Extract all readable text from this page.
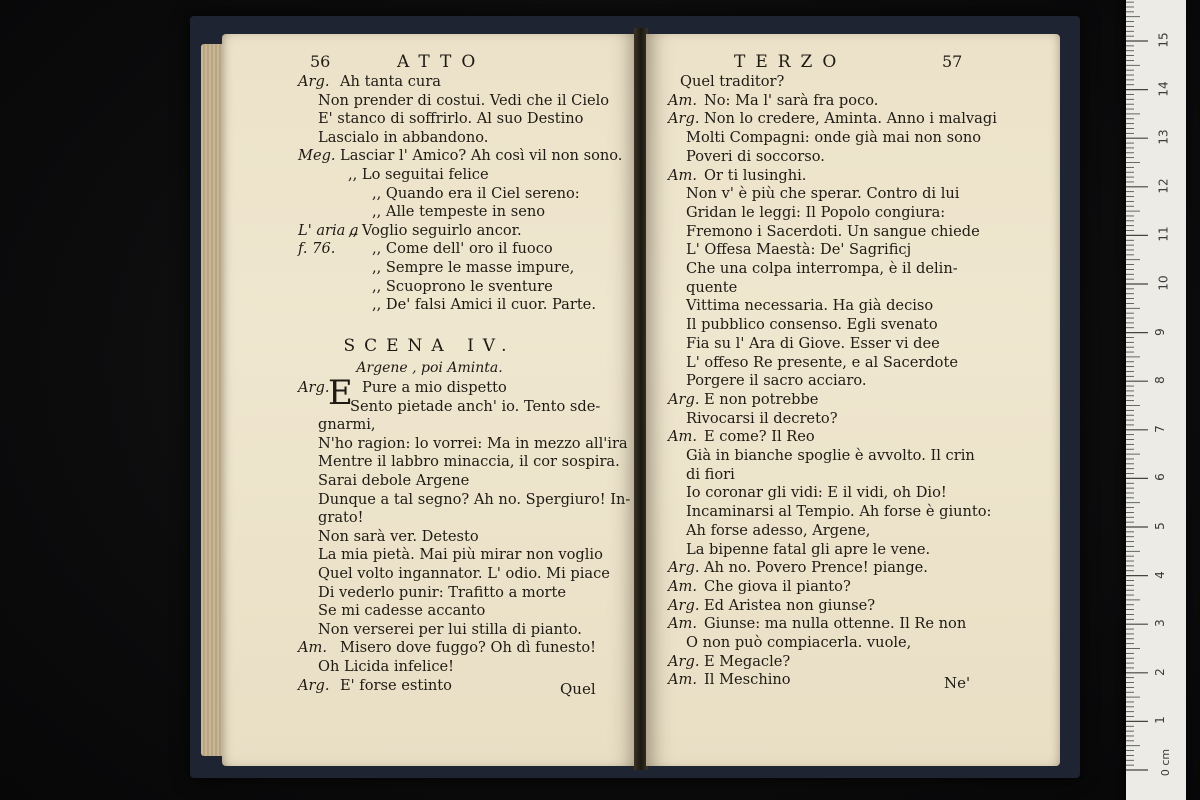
56	ATTO
Arg. Ah tanta cura
Non prender di costui. Vedi che il Cielo
E' stanco di soffrirlo. Al suo Destino
Lascialo in abbandono.
Meg. Lasciar l' Amico? Ah così vil non sono.
,, Lo seguitai felice
,, Quando era il Ciel sereno:
,, Alle tempeste in seno
L' aria a
,, Voglio seguirlo ancor.
f. 76.	,, Come dell' oro il fuoco
,, Sempre le masse impure,
,, Scuoprono le sventure
,, De' falsi Amici il cuor. Parte.
SCENA IV.
Argene , poi Aminta.
Arg. Pure a mio dispetto
Sento pietade anch' io. Tento sde-
gnarmi,
N'ho ragion: lo vorrei: Ma in mezzo all'ira
Mentre il labbro minaccia, il cor sospira.
Sarai debole Argene
Dunque a tal segno? Ah no. Spergiuro! In-
grato!
Non sarà ver. Detesto
La mia pietà. Mai più mirar non voglio
Quel volto ingannator. L' odio. Mi piace
Di vederlo punir: Trafitto a morte
Se mi cadesse accanto
Non verserei per lui stilla di pianto.
Am. Misero dove fuggo? Oh dì funesto!
Oh Licida infelice!
Arg. E' forse estinto
E
Quel
TERZO	57
Quel traditor?
Am. No: Ma l' sarà fra poco.
Arg. Non lo credere, Aminta. Anno i malvagi
Molti Compagni: onde già mai non sono
Poveri di soccorso.
Am. Or ti lusinghi.
Non v' è più che sperar. Contro di lui
Gridan le leggi: Il Popolo congiura:
Fremono i Sacerdoti. Un sangue chiede
L' Offesa Maestà: De' Sagrificj
Che una colpa interrompa, è il delin-
quente
Vittima necessaria. Ha già deciso
Il pubblico consenso. Egli svenato
Fia su l' Ara di Giove. Esser vi dee
L' offeso Re presente, e al Sacerdote
Porgere il sacro acciaro.
Arg. E non potrebbe
Rivocarsi il decreto?
Am. E come? Il Reo
Già in bianche spoglie è avvolto. Il crin
di fiori
Io coronar gli vidi: E il vidi, oh Dio!
Incaminarsi al Tempio. Ah forse è giunto:
Ah forse adesso, Argene,
La bipenne fatal gli apre le vene.
Arg. Ah no. Povero Prence! piange.
Am. Che giova il pianto?
Arg. Ed Aristea non giunse?
Am. Giunse: ma nulla ottenne. Il Re non
O non può compiacerla. vuole,
Arg. E Megacle?
Am. Il Meschino	Ne'
0 cm
1
2
3
4
5
6
7
8
9
10
11
12
13
14
15
